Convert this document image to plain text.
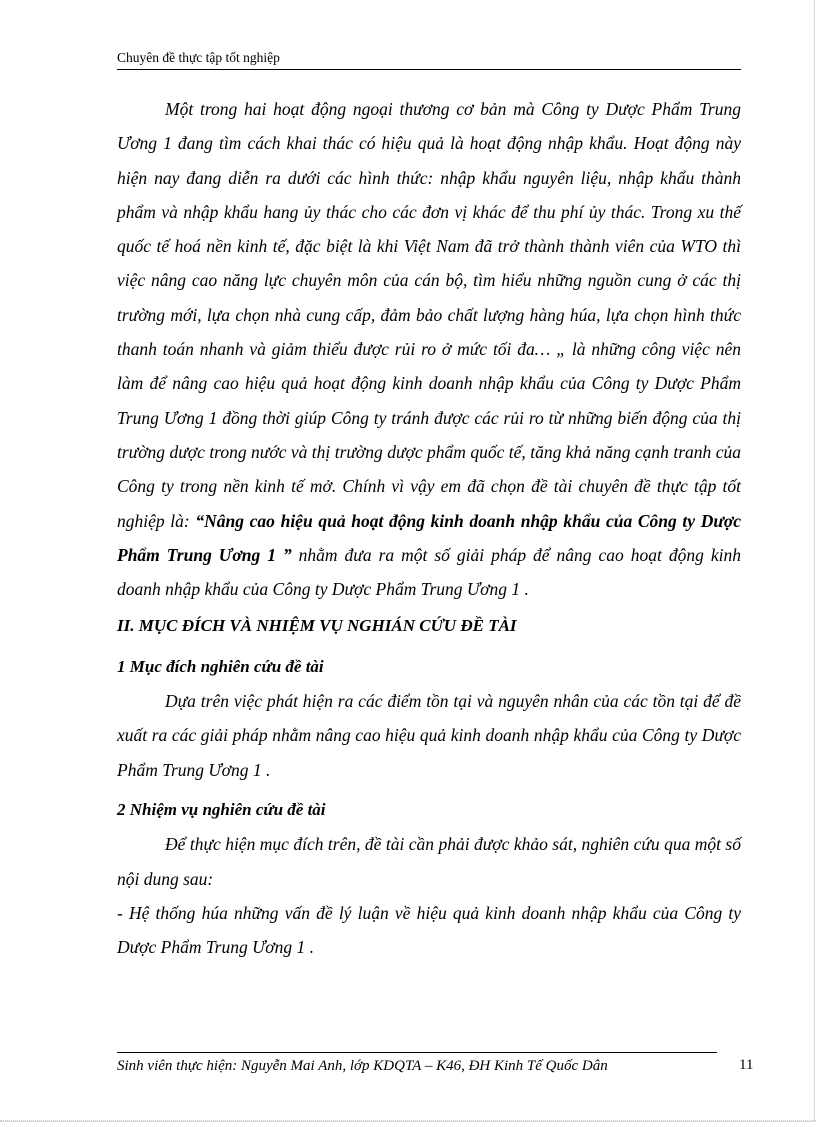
Chuyên đề thực tập tốt nghiệp

Một trong hai hoạt động ngoại thương cơ bản mà Công ty Dược Phẩm Trung Ương 1 đang tìm cách khai thác có hiệu quả là hoạt động nhập khẩu. Hoạt động này hiện nay đang diễn ra dưới các hình thức: nhập khẩu nguyên liệu, nhập khẩu thành phẩm và nhập khẩu hang ủy thác cho các đơn vị khác để thu phí ủy thác. Trong xu thế quốc tế hoá nền kinh tế, đặc biệt là khi Việt Nam đã trở thành thành viên của WTO thì việc nâng cao năng lực chuyên môn của cán bộ, tìm hiểu những nguồn cung ở các thị trường mới, lựa chọn nhà cung cấp, đảm bảo chất lượng hàng húa, lựa chọn hình thức thanh toán nhanh và giảm thiểu được rủi ro ở mức tối đa… „ là những công việc nên làm để nâng cao hiệu quả hoạt động kinh doanh nhập khẩu của Công ty Dược Phẩm Trung Ương 1 đồng thời giúp Công ty tránh được các rủi ro từ những biến động của thị trường dược trong nước và thị trường dược phẩm quốc tế, tăng khả năng cạnh tranh của Công ty trong nền kinh tế mở. Chính vì vậy em đã chọn đề tài chuyên đề thực tập tốt nghiệp là: “Nâng cao hiệu quả hoạt động kinh doanh nhập khẩu của Công ty Dược Phẩm Trung Ương 1 ” nhằm đưa ra một số giải pháp để nâng cao hoạt động kinh doanh nhập khẩu của Công ty Dược Phẩm Trung Ương 1 .

II. MỤC ĐÍCH VÀ NHIỆM VỤ NGHIÁN CỨU ĐỀ TÀI

1 Mục đích nghiên cứu đề tài

Dựa trên việc phát hiện ra các điểm tồn tại và nguyên nhân của các tồn tại để đề xuất ra các giải pháp nhằm nâng cao hiệu quả kinh doanh nhập khẩu của Công ty Dược Phẩm Trung Ương 1 .

2 Nhiệm vụ nghiên cứu đề tài

Để thực hiện mục đích trên, đề tài cần phải được khảo sát, nghiên cứu qua một số nội dung sau:

- Hệ thống húa những vấn đề lý luận về hiệu quả kinh doanh nhập khẩu của Công ty Dược Phẩm Trung Ương 1 .

Sinh viên thực hiện: Nguyễn Mai Anh, lớp KDQTA – K46, ĐH Kinh Tế Quốc Dân	11
